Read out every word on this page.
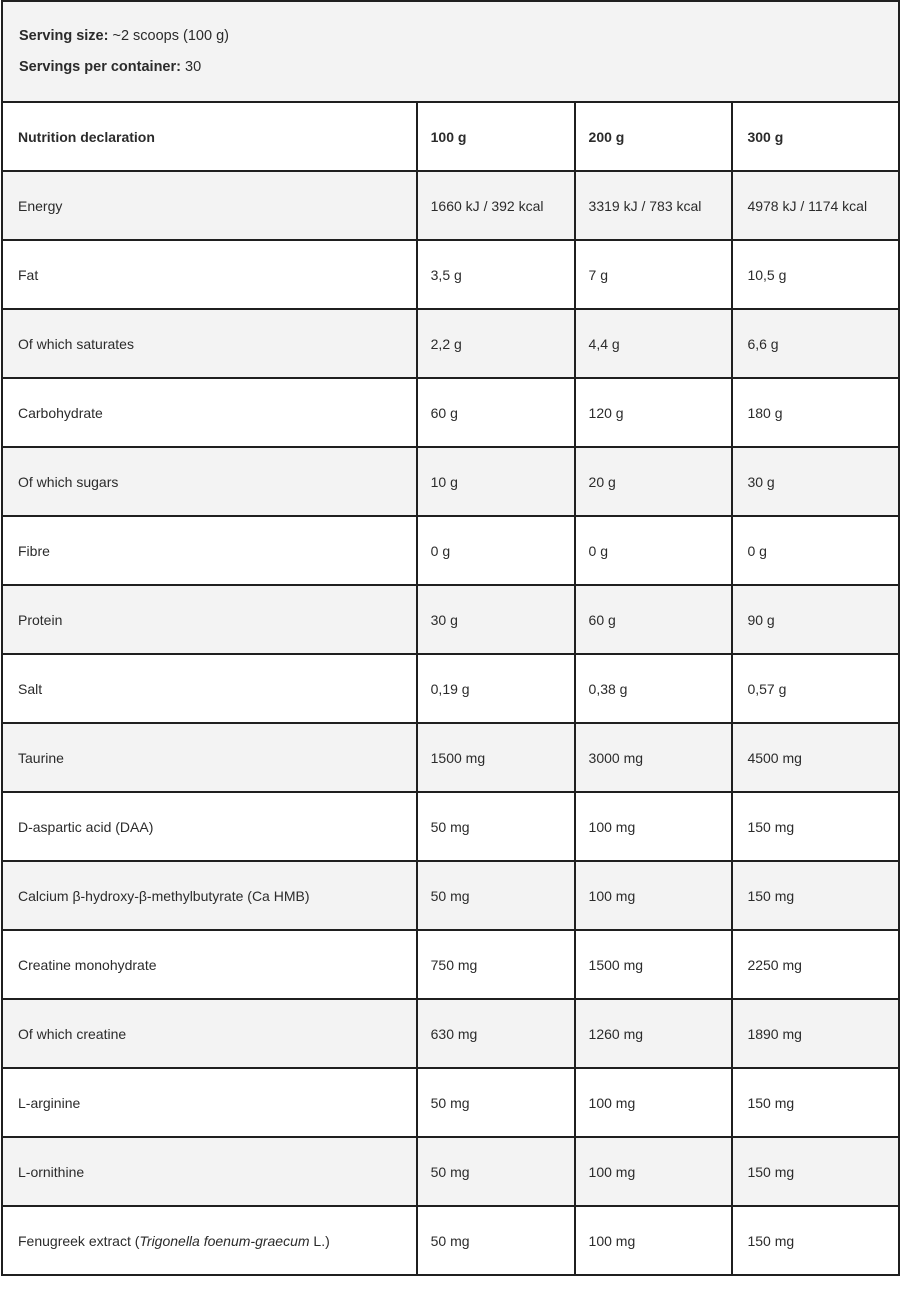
Serving size: ~2 scoops (100 g)
Servings per container: 30			

Nutrition declaration	100 g	200 g	300 g
Energy	1660 kJ / 392 kcal	3319 kJ / 783 kcal	4978 kJ / 1174 kcal
Fat	3,5 g	7 g	10,5 g
Of which saturates	2,2 g	4,4 g	6,6 g
Carbohydrate	60 g	120 g	180 g
Of which sugars	10 g	20 g	30 g
Fibre	0 g	0 g	0 g
Protein	30 g	60 g	90 g
Salt	0,19 g	0,38 g	0,57 g
Taurine	1500 mg	3000 mg	4500 mg
D-aspartic acid (DAA)	50 mg	100 mg	150 mg
Calcium β-hydroxy-β-methylbutyrate (Ca HMB)	50 mg	100 mg	150 mg
Creatine monohydrate	750 mg	1500 mg	2250 mg
Of which creatine	630 mg	1260 mg	1890 mg
L-arginine	50 mg	100 mg	150 mg
L-ornithine	50 mg	100 mg	150 mg
Fenugreek extract (Trigonella foenum-graecum L.)	50 mg	100 mg	150 mg
